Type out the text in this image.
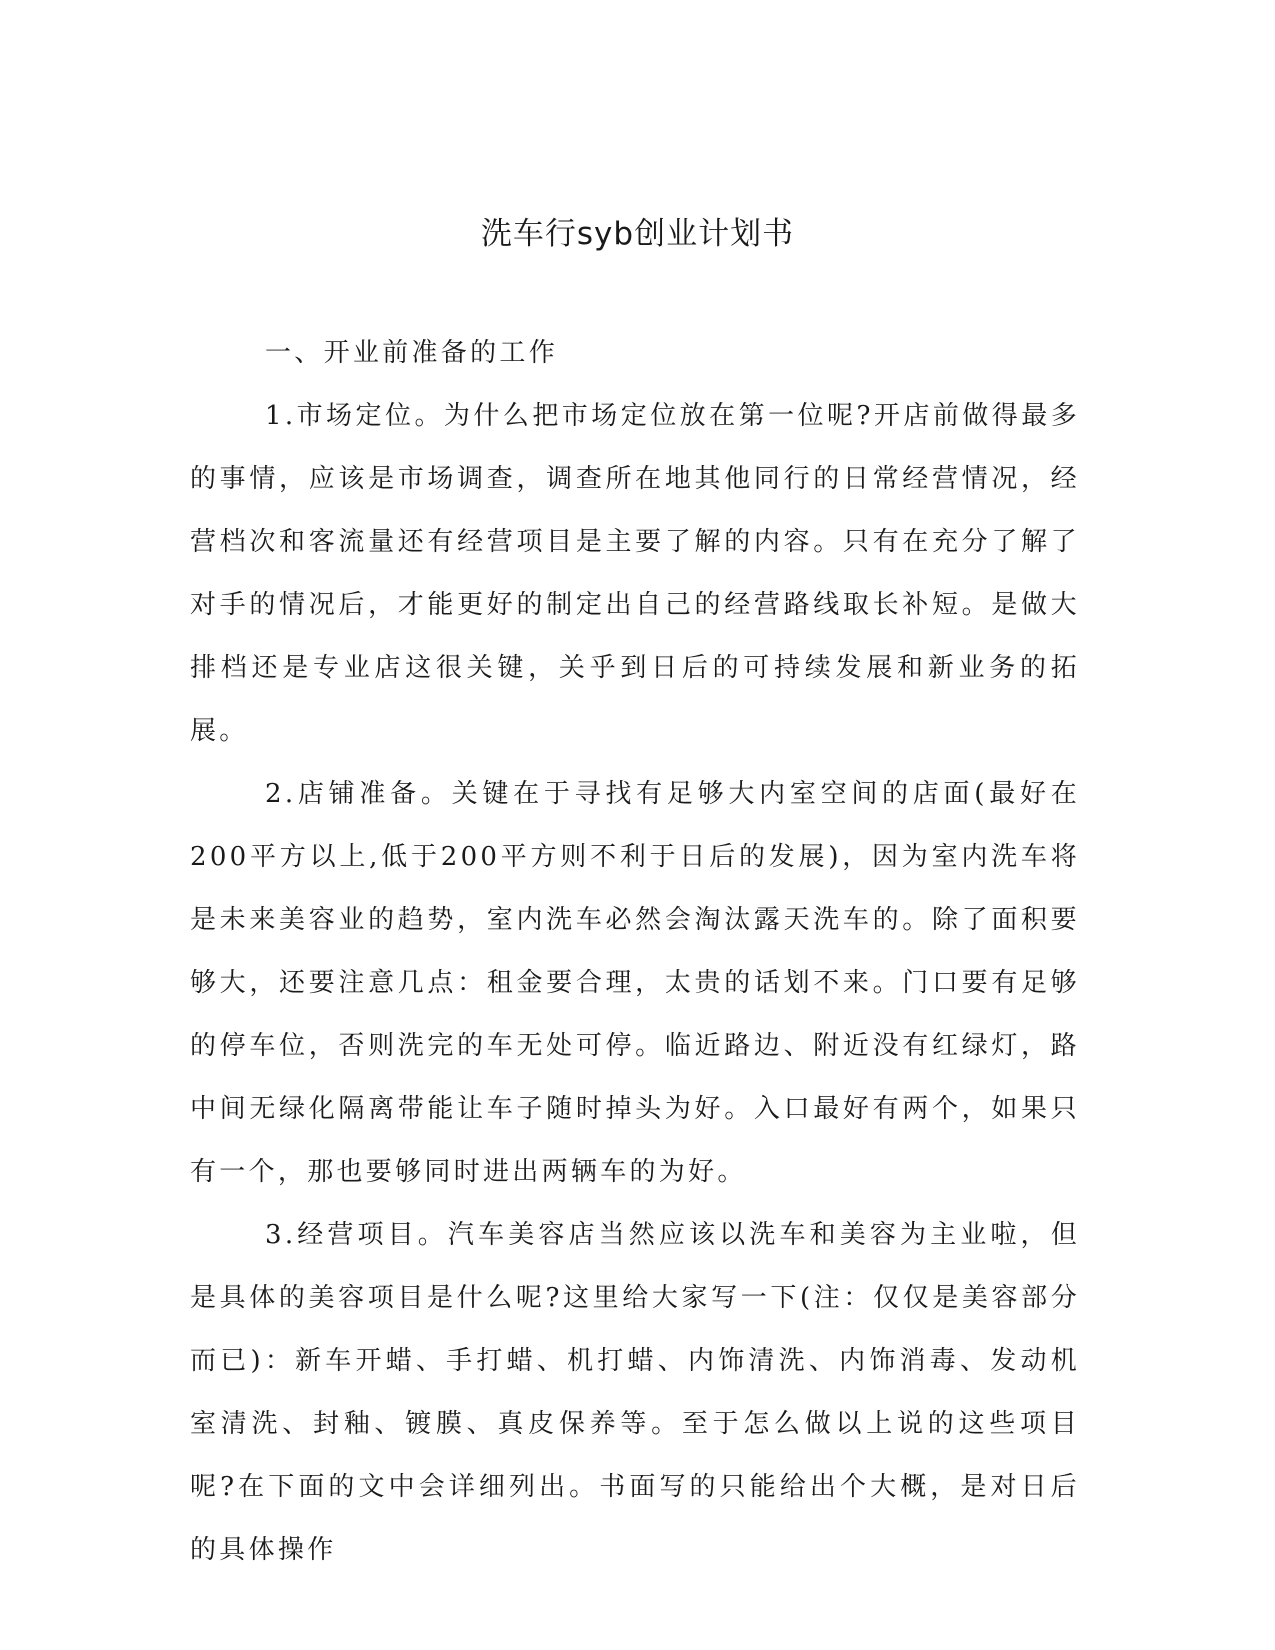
洗车行syb创业计划书

一、开业前准备的工作

1.市场定位。为什么把市场定位放在第一位呢?开店前做得最多的事情，应该是市场调查，调查所在地其他同行的日常经营情况，经营档次和客流量还有经营项目是主要了解的内容。只有在充分了解了对手的情况后，才能更好的制定出自己的经营路线取长补短。是做大排档还是专业店这很关键，关乎到日后的可持续发展和新业务的拓展。

2.店铺准备。关键在于寻找有足够大内室空间的店面(最好在200平方以上,低于200平方则不利于日后的发展)，因为室内洗车将是未来美容业的趋势，室内洗车必然会淘汰露天洗车的。除了面积要够大，还要注意几点：租金要合理，太贵的话划不来。门口要有足够的停车位，否则洗完的车无处可停。临近路边、附近没有红绿灯，路中间无绿化隔离带能让车子随时掉头为好。入口最好有两个，如果只有一个，那也要够同时进出两辆车的为好。

3.经营项目。汽车美容店当然应该以洗车和美容为主业啦，但是具体的美容项目是什么呢?这里给大家写一下(注：仅仅是美容部分而已)：新车开蜡、手打蜡、机打蜡、内饰清洗、内饰消毒、发动机室清洗、封釉、镀膜、真皮保养等。至于怎么做以上说的这些项目呢?在下面的文中会详细列出。书面写的只能给出个大概，是对日后的具体操作
